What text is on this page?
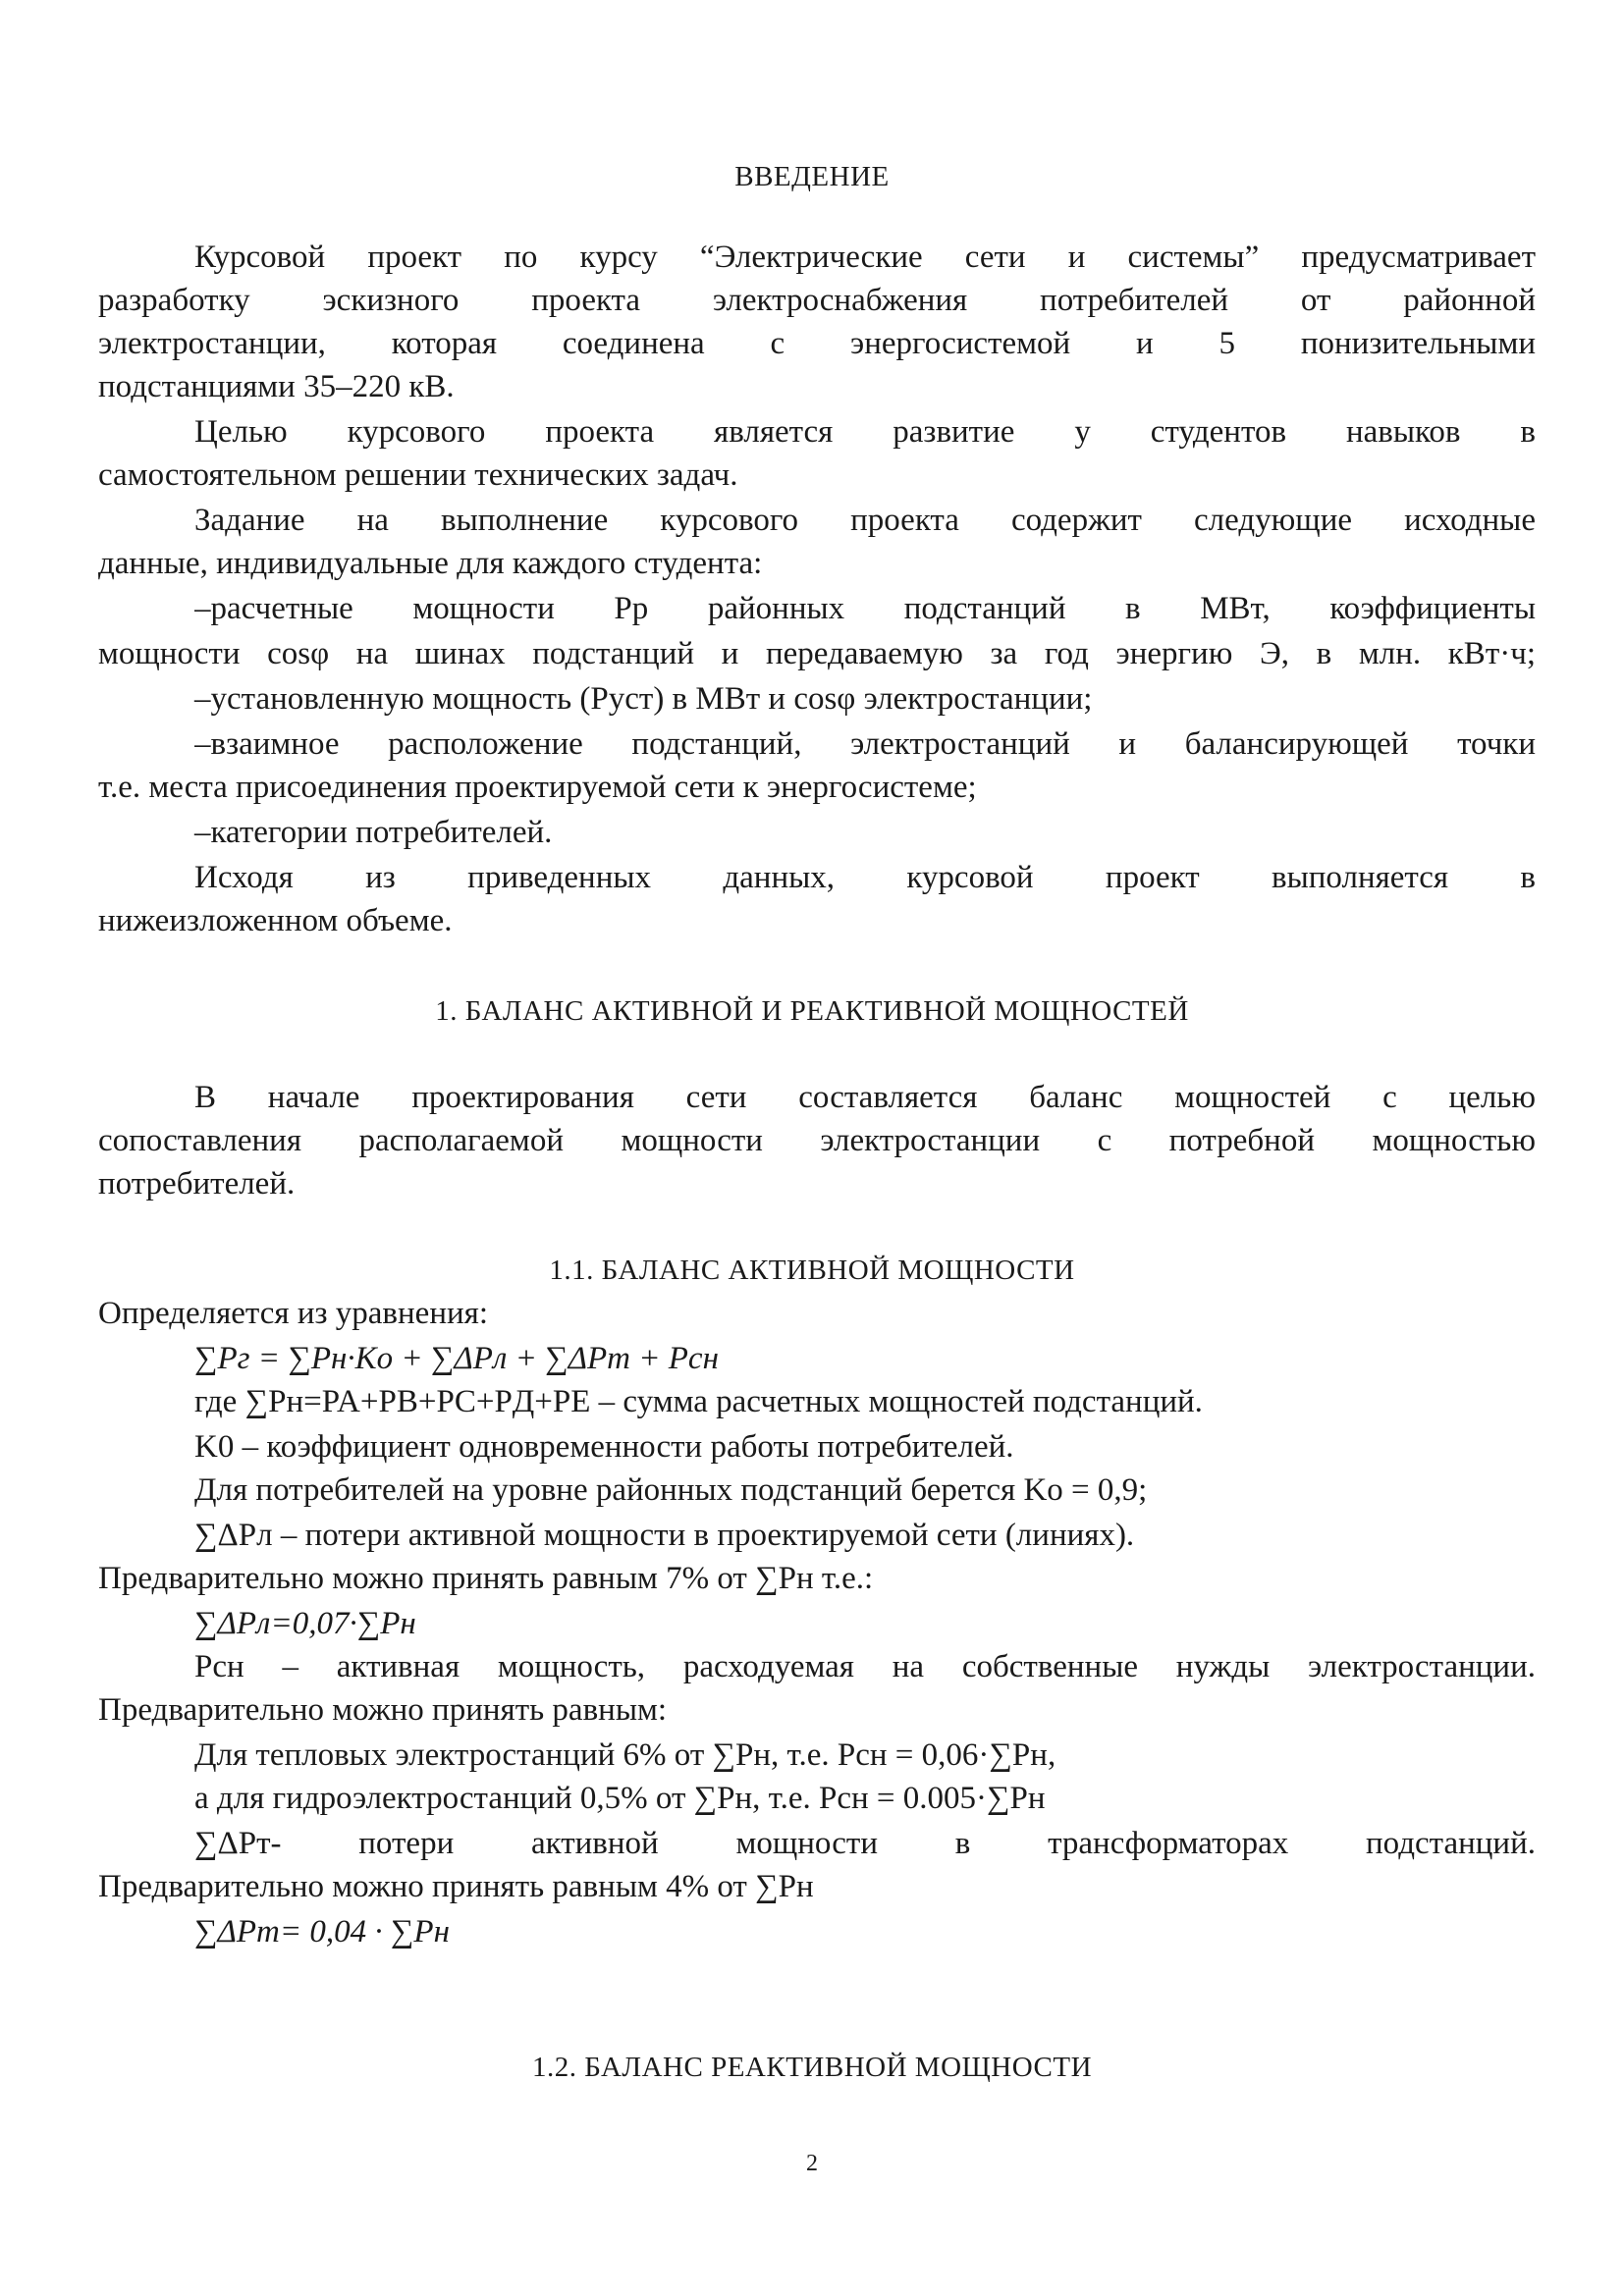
ВВЕДЕНИЕ
Курсовой проект по курсу “Электрические сети и системы” предусматривает
разработку эскизного проекта электроснабжения потребителей от районной
электростанции, которая соединена с энергосистемой и 5 понизительными
подстанциями 35–220 кВ.
Целью курсового проекта является развитие у студентов навыков в
самостоятельном решении технических задач.
Задание на выполнение курсового проекта содержит следующие исходные
данные, индивидуальные для каждого студента:
–расчетные мощности Pр районных подстанций в МВт, коэффициенты
мощности cosφ на шинах подстанций и передаваемую за год энергию Э, в млн. кВт·ч;
–установленную мощность (Pуст) в МВт и cosφ электростанции;
–взаимное расположение подстанций, электростанций и балансирующей точки
т.е. места присоединения проектируемой сети к энергосистеме;
–категории потребителей.
Исходя из приведенных данных, курсовой проект выполняется в
нижеизложенном объеме.
1. БАЛАНС АКТИВНОЙ И РЕАКТИВНОЙ МОЩНОСТЕЙ
В начале проектирования сети составляется баланс мощностей с целью
сопоставления располагаемой мощности электростанции с потребной мощностью
потребителей.
1.1. БАЛАНС АКТИВНОЙ МОЩНОСТИ
Определяется из уравнения:
∑Pг = ∑Pн·Kо + ∑ΔPл + ∑ΔPт + Pсн
где ∑Pн=PA+PB+PC+PД+PE – сумма расчетных мощностей подстанций.
K0 – коэффициент одновременности работы потребителей.
Для потребителей на уровне районных подстанций берется Kо = 0,9;
∑ΔPл – потери активной мощности в проектируемой сети (линиях).
Предварительно можно принять равным 7% от ∑Pн т.е.:
∑ΔPл=0,07·∑Pн
Pсн – активная мощность, расходуемая на собственные нужды электростанции.
Предварительно можно принять равным:
Для тепловых электростанций 6% от ∑Pн, т.е. Pсн = 0,06·∑Pн,
а для гидроэлектростанций 0,5% от ∑Pн, т.е. Pсн = 0.005·∑Pн
∑ΔPт- потери активной мощности в трансформаторах подстанций.
Предварительно можно принять равным 4% от ∑Pн
∑ΔPт= 0,04 · ∑Pн
1.2. БАЛАНС РЕАКТИВНОЙ МОЩНОСТИ
2
